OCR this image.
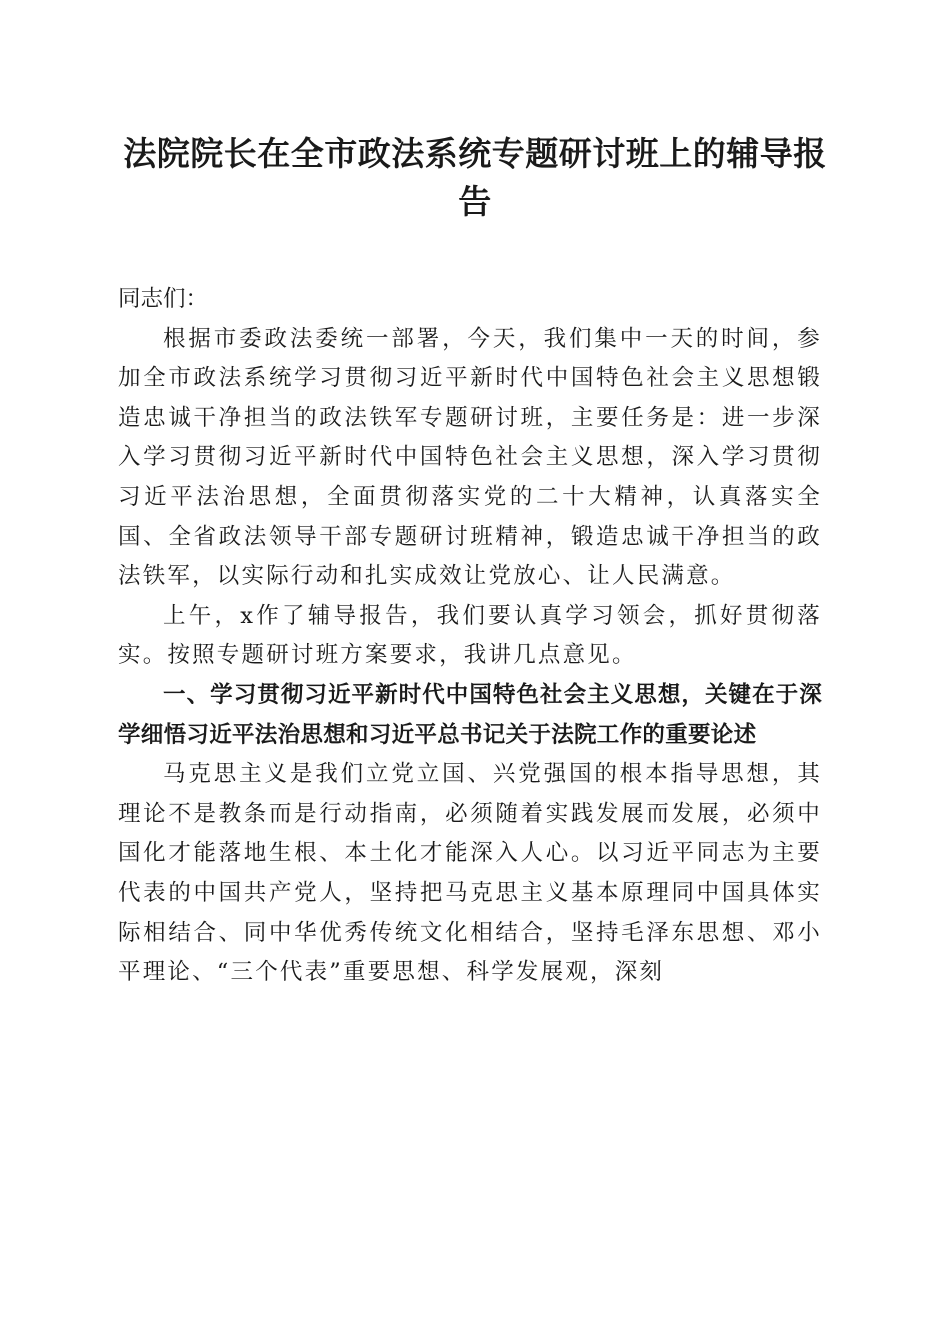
法院院长在全市政法系统专题研讨班上的辅导报告

同志们：

根据市委政法委统一部署，今天，我们集中一天的时间，参加全市政法系统学习贯彻习近平新时代中国特色社会主义思想锻造忠诚干净担当的政法铁军专题研讨班，主要任务是：进一步深入学习贯彻习近平新时代中国特色社会主义思想，深入学习贯彻习近平法治思想，全面贯彻落实党的二十大精神，认真落实全国、全省政法领导干部专题研讨班精神，锻造忠诚干净担当的政法铁军，以实际行动和扎实成效让党放心、让人民满意。

上午，x作了辅导报告，我们要认真学习领会，抓好贯彻落实。按照专题研讨班方案要求，我讲几点意见。

一、学习贯彻习近平新时代中国特色社会主义思想，关键在于深学细悟习近平法治思想和习近平总书记关于法院工作的重要论述

马克思主义是我们立党立国、兴党强国的根本指导思想，其理论不是教条而是行动指南，必须随着实践发展而发展，必须中国化才能落地生根、本土化才能深入人心。以习近平同志为主要代表的中国共产党人，坚持把马克思主义基本原理同中国具体实际相结合、同中华优秀传统文化相结合，坚持毛泽东思想、邓小平理论、“三个代表”重要思想、科学发展观，深刻
